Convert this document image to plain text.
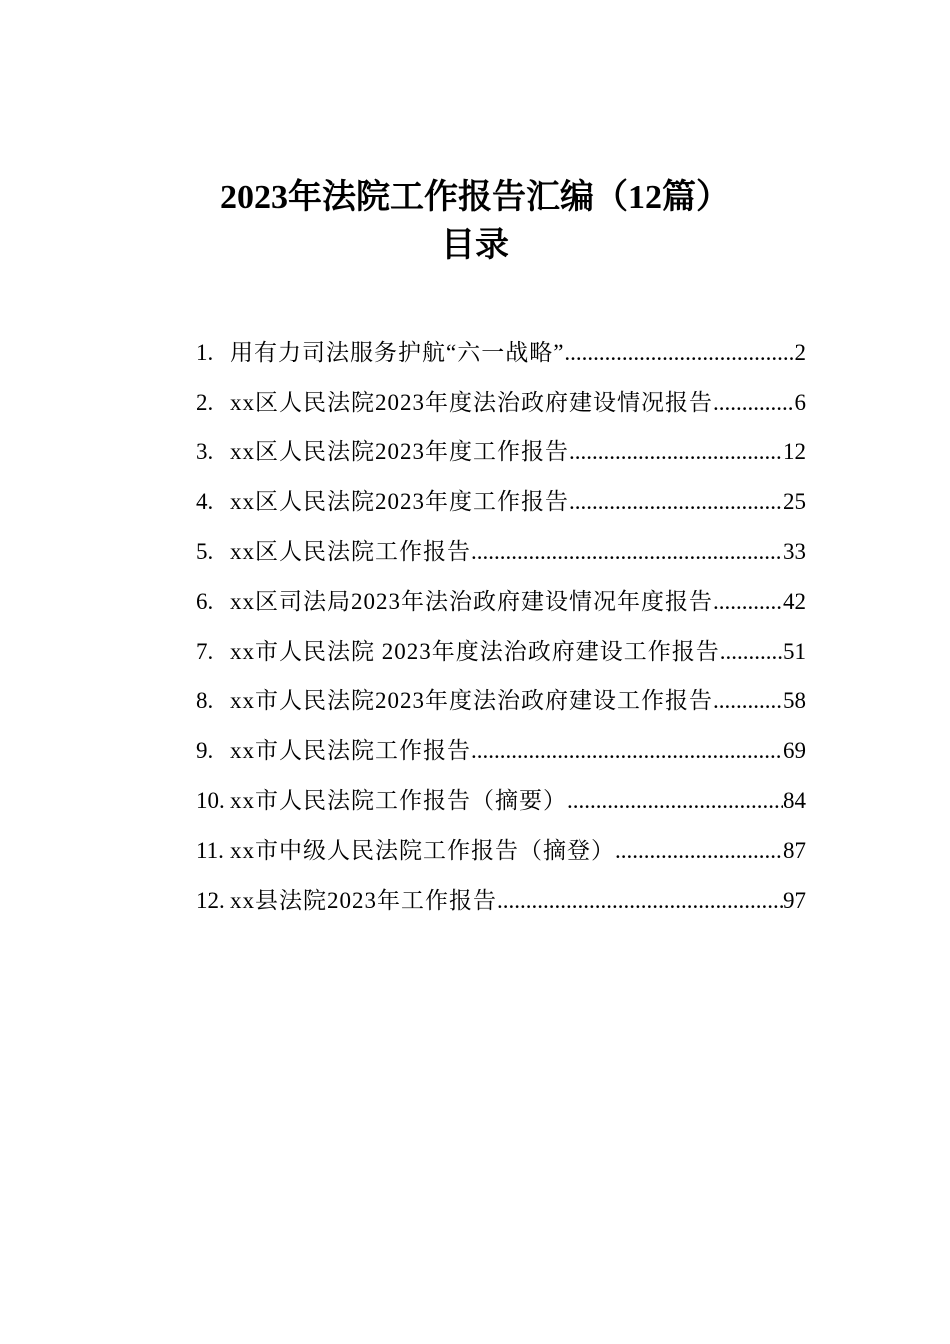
2023年法院工作报告汇编（12篇）
目录
1. 用有力司法服务护航“六一战略” .....	2
2. xx区人民法院2023年度法治政府建设情况报告 .....	6
3. xx区人民法院2023年度工作报告 .....	12
4. xx区人民法院2023年度工作报告 .....	25
5. xx区人民法院工作报告 .....	33
6. xx区司法局2023年法治政府建设情况年度报告 .....	42
7. xx市人民法院 2023年度法治政府建设工作报告 .....	51
8. xx市人民法院2023年度法治政府建设工作报告 .....	58
9. xx市人民法院工作报告 .....	69
10. xx市人民法院工作报告（摘要） .....	84
11. xx市中级人民法院工作报告（摘登） .....	87
12. xx县法院2023年工作报告 .....	97
